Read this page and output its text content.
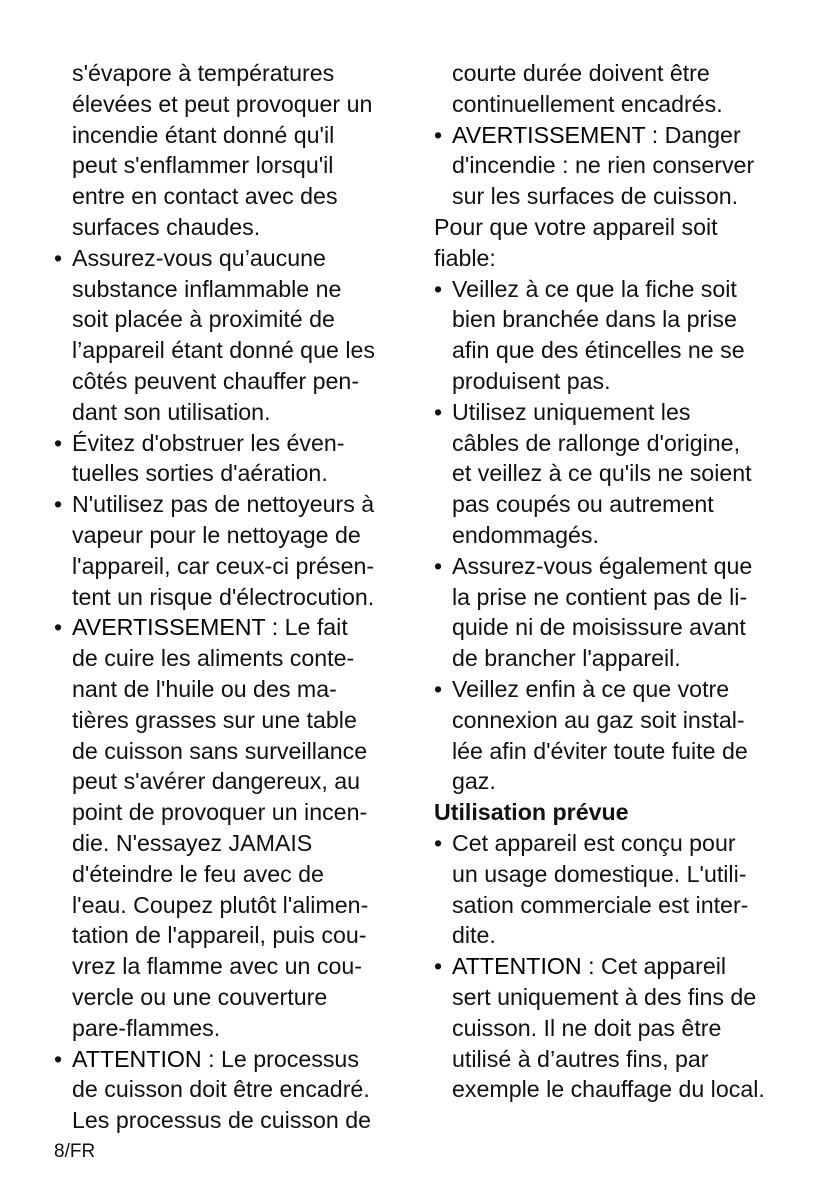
s'évapore à températures
élevées et peut provoquer un
incendie étant donné qu'il
peut s'enflammer lorsqu'il
entre en contact avec des
surfaces chaudes.
• Assurez-vous qu’aucune
substance inflammable ne
soit placée à proximité de
l’appareil étant donné que les
côtés peuvent chauffer pen-
dant son utilisation.
• Évitez d'obstruer les éven-
tuelles sorties d'aération.
• N'utilisez pas de nettoyeurs à
vapeur pour le nettoyage de
l'appareil, car ceux-ci présen-
tent un risque d'électrocution.
• AVERTISSEMENT : Le fait
de cuire les aliments conte-
nant de l'huile ou des ma-
tières grasses sur une table
de cuisson sans surveillance
peut s'avérer dangereux, au
point de provoquer un incen-
die. N'essayez JAMAIS
d'éteindre le feu avec de
l'eau. Coupez plutôt l'alimen-
tation de l'appareil, puis cou-
vrez la flamme avec un cou-
vercle ou une couverture
pare-flammes.
• ATTENTION : Le processus
de cuisson doit être encadré.
Les processus de cuisson de
courte durée doivent être
continuellement encadrés.
• AVERTISSEMENT : Danger
d'incendie : ne rien conserver
sur les surfaces de cuisson.
Pour que votre appareil soit
fiable:
• Veillez à ce que la fiche soit
bien branchée dans la prise
afin que des étincelles ne se
produisent pas.
• Utilisez uniquement les
câbles de rallonge d'origine,
et veillez à ce qu'ils ne soient
pas coupés ou autrement
endommagés.
• Assurez-vous également que
la prise ne contient pas de li-
quide ni de moisissure avant
de brancher l'appareil.
• Veillez enfin à ce que votre
connexion au gaz soit instal-
lée afin d'éviter toute fuite de
gaz.
Utilisation prévue
• Cet appareil est conçu pour
un usage domestique. L'utili-
sation commerciale est inter-
dite.
• ATTENTION : Cet appareil
sert uniquement à des fins de
cuisson. Il ne doit pas être
utilisé à d’autres fins, par
exemple le chauffage du local.
8/FR
